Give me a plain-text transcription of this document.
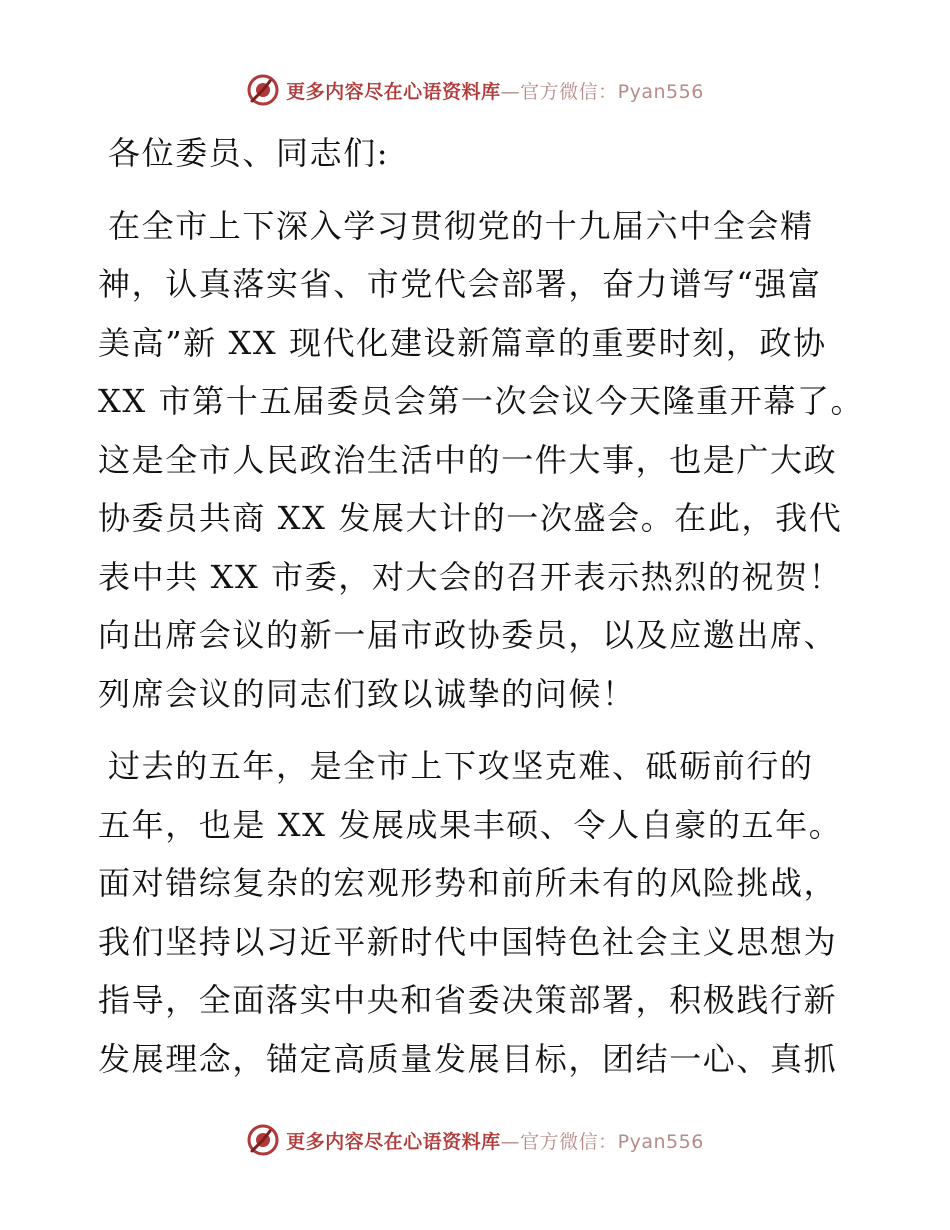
更多内容尽在心语资料库—官方微信：Pyan556

各位委员、同志们:

在全市上下深入学习贯彻党的十九届六中全会精
神，认真落实省、市党代会部署，奋力谱写“强富
美高”新 XX 现代化建设新篇章的重要时刻，政协
XX 市第十五届委员会第一次会议今天隆重开幕了。
这是全市人民政治生活中的一件大事，也是广大政
协委员共商 XX 发展大计的一次盛会。在此，我代
表中共 XX 市委，对大会的召开表示热烈的祝贺！
向出席会议的新一届市政协委员，以及应邀出席、
列席会议的同志们致以诚挚的问候！

过去的五年，是全市上下攻坚克难、砥砺前行的
五年，也是 XX 发展成果丰硕、令人自豪的五年。
面对错综复杂的宏观形势和前所未有的风险挑战，
我们坚持以习近平新时代中国特色社会主义思想为
指导，全面落实中央和省委决策部署，积极践行新
发展理念，锚定高质量发展目标，团结一心、真抓

更多内容尽在心语资料库—官方微信：Pyan556
